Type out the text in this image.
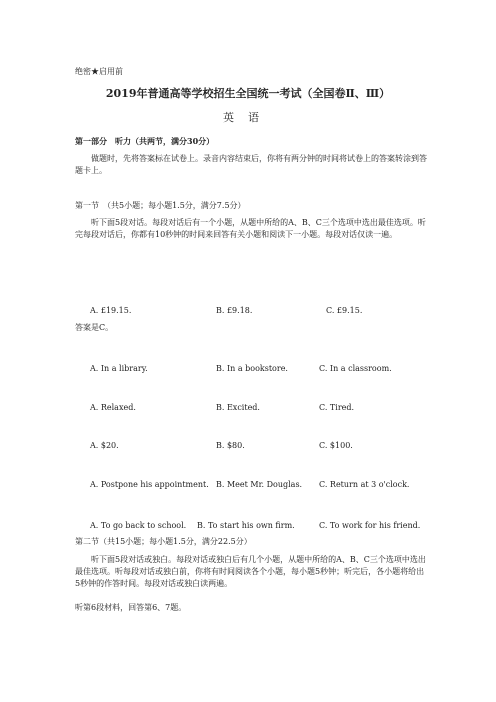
绝密★启用前
2019年普通高等学校招生全国统一考试（全国卷Ⅱ、Ⅲ）
英语
第一部分　听力（共两节，满分30分）
做题时，先将答案标在试卷上。录音内容结束后，你将有两分钟的时间将试卷上的答案转涂到答题卡上。
第一节　（共5小题；每小题1.5分，满分7.5分）
听下面5段对话。每段对话后有一个小题，从题中所给的A、B、C三个选项中选出最佳选项。听完每段对话后，你都有10秒钟的时间来回答有关小题和阅读下一小题。每段对话仅读一遍。
A. £19.15.	B. £9.18.	C. £9.15.
答案是C。
A. In a library.	B. In a bookstore.	C. In a classroom.
A. Relaxed.	B. Excited.	C. Tired.
A. $20.	B. $80.	C. $100.
A. Postpone his appointment. B. Meet Mr. Douglas. C. Return at 3 o'clock.
A. To go back to school. B. To start his own firm.	C. To work for his friend.
第二节（共15小题；每小题1.5分，满分22.5分）
听下面5段对话或独白。每段对话或独白后有几个小题，从题中所给的A、B、C三个选项中选出最佳选项。听每段对话或独白前，你将有时间阅读各个小题，每小题5秒钟；听完后，各小题将给出5秒钟的作答时间。每段对话或独白读两遍。
听第6段材料，回答第6、7题。
